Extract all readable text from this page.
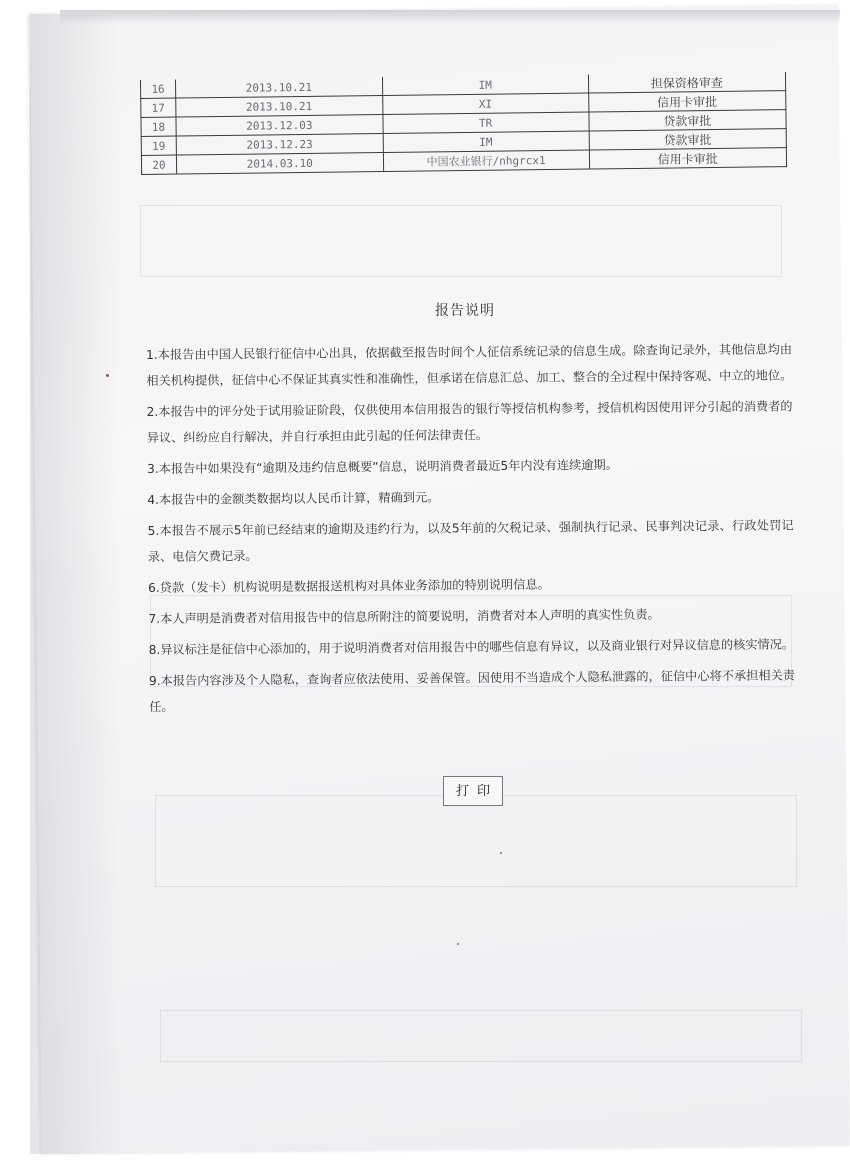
16	2013.10.21	IM	担保资格审查
17	2013.10.21	XI	信用卡审批
18	2013.12.03	TR	贷款审批
19	2013.12.23	IM	贷款审批
20	2014.03.10	中国农业银行/nhgrcx1	信用卡审批
报告说明

1.本报告由中国人民银行征信中心出具，依据截至报告时间个人征信系统记录的信息生成。除查询记录外，其他信息均由相关机构提供，征信中心不保证其真实性和准确性，但承诺在信息汇总、加工、整合的全过程中保持客观、中立的地位。

2.本报告中的评分处于试用验证阶段，仅供使用本信用报告的银行等授信机构参考，授信机构因使用评分引起的消费者的异议、纠纷应自行解决，并自行承担由此引起的任何法律责任。

3.本报告中如果没有“逾期及违约信息概要”信息，说明消费者最近5年内没有连续逾期。

4.本报告中的金额类数据均以人民币计算，精确到元。

5.本报告不展示5年前已经结束的逾期及违约行为，以及5年前的欠税记录、强制执行记录、民事判决记录、行政处罚记录、电信欠费记录。

6.贷款（发卡）机构说明是数据报送机构对具体业务添加的特别说明信息。

7.本人声明是消费者对信用报告中的信息所附注的简要说明，消费者对本人声明的真实性负责。

8.异议标注是征信中心添加的，用于说明消费者对信用报告中的哪些信息有异议，以及商业银行对异议信息的核实情况。

9.本报告内容涉及个人隐私，查询者应依法使用、妥善保管。因使用不当造成个人隐私泄露的，征信中心将不承担相关责任。

打印
